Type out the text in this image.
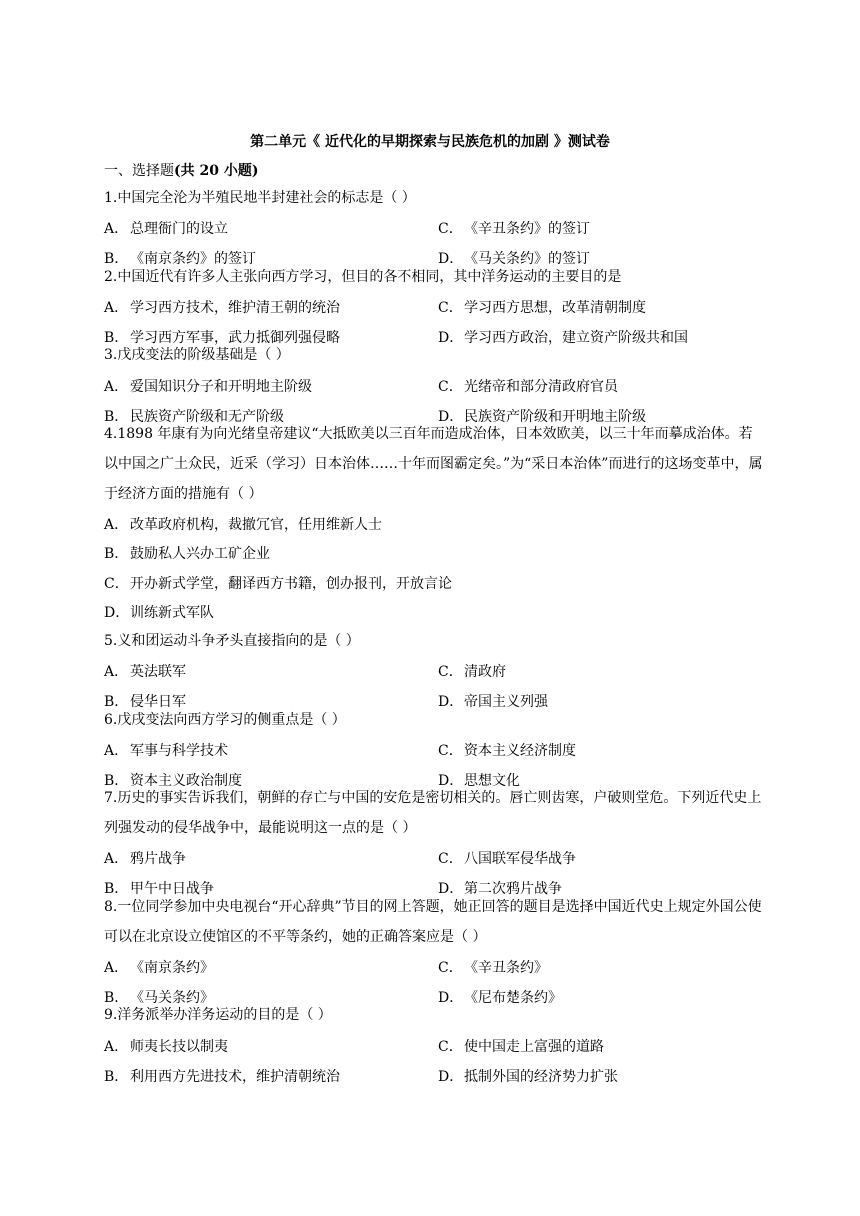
第二单元《 近代化的早期探索与民族危机的加剧 》测试卷
一、选择题(共 20 小题)
1.中国完全沦为半殖民地半封建社会的标志是（ ）
A． 总理衙门的设立	C．《辛丑条约》的签订
B． 《南京条约》的签订	D．《马关条约》的签订
2.中国近代有许多人主张向西方学习，但目的各不相同，其中洋务运动的主要目的是
A． 学习西方技术，维护清王朝的统治	C．学习西方思想，改革清朝制度
B． 学习西方军事，武力抵御列强侵略	D．学习西方政治，建立资产阶级共和国
3.戊戌变法的阶级基础是（ ）
A． 爱国知识分子和开明地主阶级	C．光绪帝和部分清政府官员
B． 民族资产阶级和无产阶级	D．民族资产阶级和开明地主阶级
4.1898 年康有为向光绪皇帝建议“大抵欧美以三百年而造成治体，日本效欧美，以三十年而摹成治体。若以中国之广土众民，近采（学习）日本治体……十年而图霸定矣。”为“采日本治体”而进行的这场变革中，属于经济方面的措施有（ ）
A． 改革政府机构，裁撤冗官，任用维新人士
B． 鼓励私人兴办工矿企业
C．开办新式学堂，翻译西方书籍，创办报刊，开放言论
D．训练新式军队
5.义和团运动斗争矛头直接指向的是（ ）
A． 英法联军	C．清政府
B． 侵华日军	D．帝国主义列强
6.戊戌变法向西方学习的侧重点是（ ）
A． 军事与科学技术	C．资本主义经济制度
B． 资本主义政治制度	D．思想文化
7.历史的事实告诉我们，朝鲜的存亡与中国的安危是密切相关的。唇亡则齿寒，户破则堂危。下列近代史上列强发动的侵华战争中，最能说明这一点的是（ ）
A． 鸦片战争	C．八国联军侵华战争
B． 甲午中日战争	D．第二次鸦片战争
8.一位同学参加中央电视台“开心辞典”节目的网上答题，她正回答的题目是选择中国近代史上规定外国公使可以在北京设立使馆区的不平等条约，她的正确答案应是（ ）
A． 《南京条约》	C．《辛丑条约》
B． 《马关条约》	D．《尼布楚条约》
9.洋务派举办洋务运动的目的是（ ）
A． 师夷长技以制夷	C．使中国走上富强的道路
B． 利用西方先进技术，维护清朝统治	D．抵制外国的经济势力扩张
